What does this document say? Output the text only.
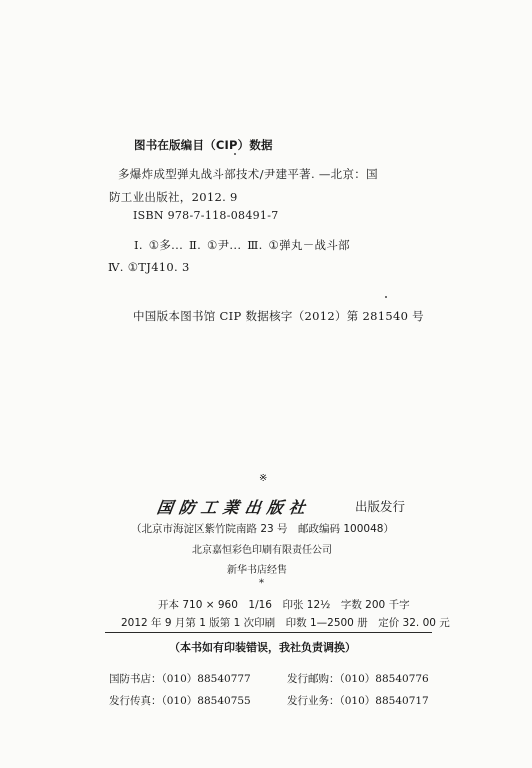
图书在版编目（CIP）数据
多爆炸成型弹丸战斗部技术/尹建平著. —北京：国
防工业出版社，2012. 9
ISBN 978-7-118-08491-7
Ⅰ. ①多... Ⅱ. ①尹... Ⅲ. ①弹丸－战斗部
Ⅳ. ①TJ410. 3
中国版本图书馆 CIP 数据核字（2012）第 281540 号
※
国防工業出版社	出版发行
（北京市海淀区紫竹院南路 23 号　邮政编码 100048）
北京嘉恒彩色印刷有限责任公司
新华书店经售
*
开本 710 × 960　1/16　印张 12½　字数 200 千字
2012 年 9 月第 1 版第 1 次印刷　印数 1—2500 册　定价 32. 00 元
（本书如有印装错误，我社负责调换）
国防书店：（010）88540777	发行邮购：（010）88540776
发行传真：（010）88540755	发行业务：（010）88540717
